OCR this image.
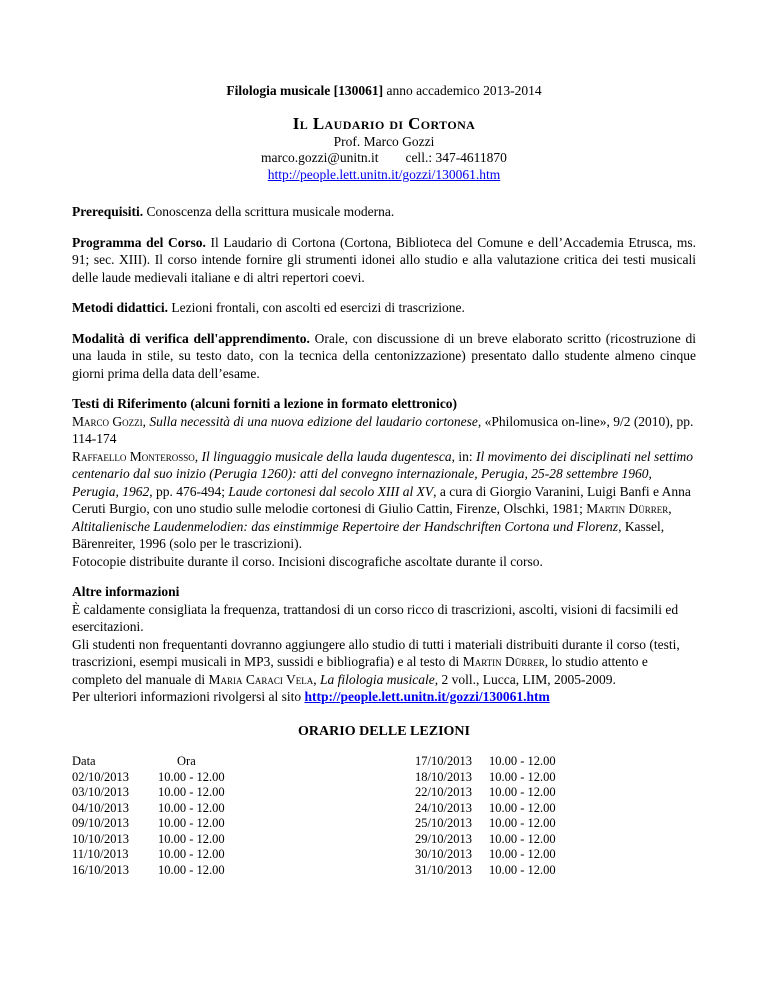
Filologia musicale [130061] anno accademico 2013-2014
Il Laudario di Cortona
Prof. Marco Gozzi
marco.gozzi@unitn.it cell.: 347-4611870
http://people.lett.unitn.it/gozzi/130061.htm

Prerequisiti. Conoscenza della scrittura musicale moderna.

Programma del Corso. Il Laudario di Cortona (Cortona, Biblioteca del Comune e dell’Accademia Etrusca, ms. 91; sec. XIII). Il corso intende fornire gli strumenti idonei allo studio e alla valutazione critica dei testi musicali delle laude medievali italiane e di altri repertori coevi.

Metodi didattici. Lezioni frontali, con ascolti ed esercizi di trascrizione.

Modalità di verifica dell'apprendimento. Orale, con discussione di un breve elaborato scritto (ricostruzione di una lauda in stile, su testo dato, con la tecnica della centonizzazione) presentato dallo studente almeno cinque giorni prima della data dell’esame.

Testi di Riferimento (alcuni forniti a lezione in formato elettronico)

Marco Gozzi, Sulla necessità di una nuova edizione del laudario cortonese, «Philomusica on-line», 9/2 (2010), pp. 114-174

Raffaello Monterosso, Il linguaggio musicale della lauda dugentesca, in: Il movimento dei disciplinati nel settimo centenario dal suo inizio (Perugia 1260): atti del convegno internazionale, Perugia, 25-28 settembre 1960, Perugia, 1962, pp. 476-494; Laude cortonesi dal secolo XIII al XV, a cura di Giorgio Varanini, Luigi Banfi e Anna Ceruti Burgio, con uno studio sulle melodie cortonesi di Giulio Cattin, Firenze, Olschki, 1981; Martin Dürrer, Altitalienische Laudenmelodien: das einstimmige Repertoire der Handschriften Cortona und Florenz, Kassel, Bärenreiter, 1996 (solo per le trascrizioni).

Fotocopie distribuite durante il corso. Incisioni discografiche ascoltate durante il corso.

Altre informazioni

È caldamente consigliata la frequenza, trattandosi di un corso ricco di trascrizioni, ascolti, visioni di facsimili ed esercitazioni.

Gli studenti non frequentanti dovranno aggiungere allo studio di tutti i materiali distribuiti durante il corso (testi, trascrizioni, esempi musicali in MP3, sussidi e bibliografia) e al testo di Martin Dürrer, lo studio attento e completo del manuale di Maria Caraci Vela, La filologia musicale, 2 voll., Lucca, LIM, 2005-2009.

Per ulteriori informazioni rivolgersi al sito http://people.lett.unitn.it/gozzi/130061.htm

ORARIO DELLE LEZIONI
Data	Ora
02/10/2013	10.00 - 12.00
03/10/2013	10.00 - 12.00
04/10/2013	10.00 - 12.00
09/10/2013	10.00 - 12.00
10/10/2013	10.00 - 12.00
11/10/2013	10.00 - 12.00
16/10/2013	10.00 - 12.00
17/10/2013	10.00 - 12.00
18/10/2013	10.00 - 12.00
22/10/2013	10.00 - 12.00
24/10/2013	10.00 - 12.00
25/10/2013	10.00 - 12.00
29/10/2013	10.00 - 12.00
30/10/2013	10.00 - 12.00
31/10/2013	10.00 - 12.00
